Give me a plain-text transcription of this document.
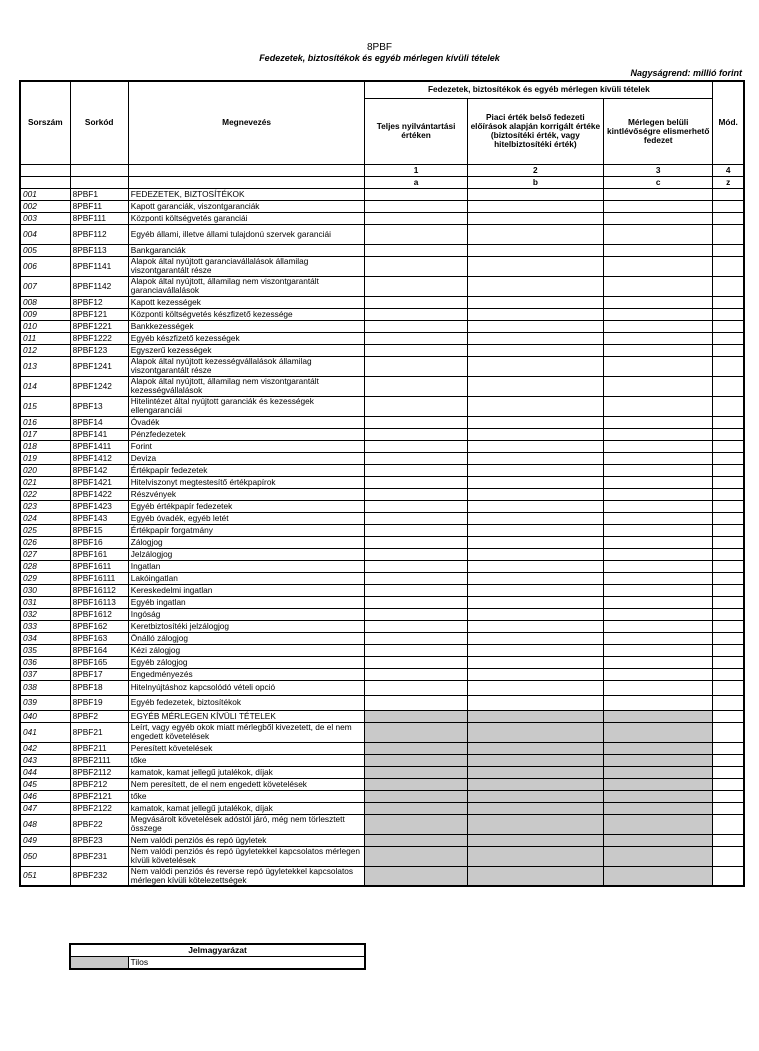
8PBF
Fedezetek, biztosítékok és egyéb mérlegen kívüli tételek
Nagyságrend: millió forint
Sorszám	Sorkód	Megnevezés	Fedezetek, biztosítékok és egyéb mérlegen kívüli tételek			Mód.
			Teljes nyilvántartási értéken	Piaci érték belső fedezeti előírások alapján korrigált értéke (biztosítéki érték, vagy hitelbiztosítéki érték)	Mérlegen belüli kintlévőségre elismerhető fedezet	
			1	2	3	4
			a	b	c	z
001	8PBF1	FEDEZETEK, BIZTOSÍTÉKOK				
002	8PBF11	Kapott garanciák, viszontgaranciák				
003	8PBF111	Központi költségvetés garanciái				
004	8PBF112	Egyéb állami, illetve állami tulajdonú szervek garanciái				
005	8PBF113	Bankgaranciák				
006	8PBF1141	Alapok által nyújtott garanciavállalások államilag viszontgarantált része				
007	8PBF1142	Alapok által nyújtott, államilag nem viszontgarantált garanciavállalások				
008	8PBF12	Kapott kezességek				
009	8PBF121	Központi költségvetés készfizető kezessége				
010	8PBF1221	Bankkezességek				
011	8PBF1222	Egyéb készfizető kezességek				
012	8PBF123	Egyszerű kezességek				
013	8PBF1241	Alapok által nyújtott kezességvállalások államilag viszontgarantált része				
014	8PBF1242	Alapok által nyújtott, államilag nem viszontgarantált kezességvállalások				
015	8PBF13	Hitelintézet által nyújtott garanciák és kezességek ellengaranciái				
016	8PBF14	Óvadék				
017	8PBF141	Pénzfedezetek				
018	8PBF1411	Forint				
019	8PBF1412	Deviza				
020	8PBF142	Értékpapír fedezetek				
021	8PBF1421	Hitelviszonyt megtestesítő értékpapírok				
022	8PBF1422	Részvények				
023	8PBF1423	Egyéb értékpapír fedezetek				
024	8PBF143	Egyéb óvadék, egyéb letét				
025	8PBF15	Értékpapír forgatmány				
026	8PBF16	Zálogjog				
027	8PBF161	Jelzálogjog				
028	8PBF1611	Ingatlan				
029	8PBF16111	Lakóingatlan				
030	8PBF16112	Kereskedelmi ingatlan				
031	8PBF16113	Egyéb ingatlan				
032	8PBF1612	Ingóság				
033	8PBF162	Keretbiztosítéki jelzálogjog				
034	8PBF163	Önálló zálogjog				
035	8PBF164	Kézi zálogjog				
036	8PBF165	Egyéb zálogjog				
037	8PBF17	Engedményezés				
038	8PBF18	Hitelnyújtáshoz kapcsolódó vételi opció				
039	8PBF19	Egyéb fedezetek, biztosítékok				
040	8PBF2	EGYÉB MÉRLEGEN KÍVÜLI TÉTELEK				
041	8PBF21	Leírt, vagy egyéb okok miatt mérlegből kivezetett, de el nem engedett követelések				
042	8PBF211	Peresített követelések				
043	8PBF2111	tőke				
044	8PBF2112	kamatok, kamat jellegű jutalékok, díjak				
045	8PBF212	Nem peresített, de el nem engedett követelések				
046	8PBF2121	tőke				
047	8PBF2122	kamatok, kamat jellegű jutalékok, díjak				
048	8PBF22	Megvásárolt követelések adóstól járó, még nem törlesztett összege				
049	8PBF23	Nem valódi penziós és repó ügyletek				
050	8PBF231	Nem valódi penziós és repó ügyletekkel kapcsolatos mérlegen kívüli követelések				
051	8PBF232	Nem valódi penziós és reverse repó ügyletekkel kapcsolatos mérlegen kívüli kötelezettségek				
Jelmagyarázat
	Tilos
